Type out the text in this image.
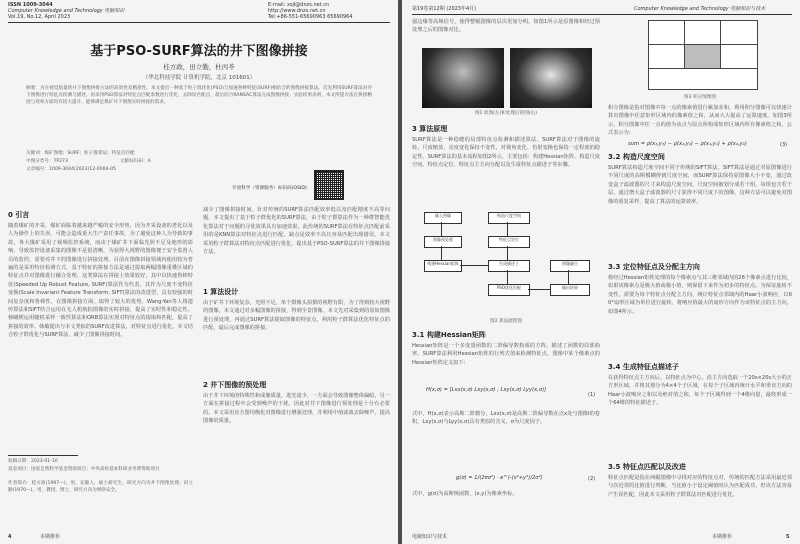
ISSN 1009-3044
Computer Knowledge and Technology 电脑知识
Vol.19, No.12, April 2023
E-mail: xsjl@dnzs.net.cn
http://www.dnzs.net.cn
Tel:+86-551-65690963 65690964
基于PSO-SURF算法的井下图像拼接
桂方政，田立勤，杜丙苓
（华北科技学院 计算机学院，北京 101601）
摘要：为在视觉质量的井下图像拼接方法的高效性及精准性，本文提出一种基于粒子群优化(PSO)与加速鲁棒特征(SURF)相结合的图像拼接算法。首先利用SURF算法对井下图像进行特征点检测与描述，再采用PSO算法对特征点匹配参数进行优化，去除误匹配点，最后结合RANSAC算法完成图像拼接。实验结果表明，本文所提方法在拼接精度与效率方面均有较大提升，能够满足煤矿井下图像实时拼接的需求。
关键词：煤矿图像；SURF；粒子群算法；特征点匹配
中图分类号：TP273	文献标识码：A
文章编号：1009-3044(2023)12-0004-05
开放科学（资源服务）标识码(OSID)：
0 引言
随着煤矿的开采，煤矿面临着越来越严峻的安全形势，因为开采设备的老化以及人为操作上的失误，可能会造成重大生产责任事故。为了避免这种人为导致的事故，各大煤矿采用了视频监控系统，而由于煤矿井下面临光照不足及地形的影响，导致监控设备采集的图像不是很清晰，为获得大视野的图像便于安全监督人员的监控，需要对井下的图像进行拼接处理。目前在图像拼接领域内使用较为普遍的是采用特征检测方式，基于特征的拼接方法是通过提取两幅图像重叠区域的特征点并对图像进行融合处理，这类算法在拼接上效果较好，其中以快速鲁棒特征(Speeded Up Robust Feature, SURF)算法作为代表，其作为尺度不变特征变换(Scale Invariant Feature Transform, SIFT)算法的改进型，具有较强的时间复杂度和鲁棒性，在图像拼接方面，取得了较大的优势。Wang-Yan等人将遗传算法和SIFT结合运用在无人机航拍图像的实时拼接，提高了实时性和稳定性。杨曦媛运用随机采样一致性算法和ORB算法实现对特征点的提取和匹配，提高了拼接的效率。韩敏提出与本文类似的SURF改进算法，对特征点进行优化。本文结合粒子群优化与SURF算法，减少了图像拼接时间。
减少了图像拼接时间。针对传统的SURF算法匹配效率低以及匹配精度不高等问题，本文提出了基于粒子群优化的SURF算法，由于粒子群算法作为一种群智能优化算法对于问题的寻优效果具有加速效果，此传统的SURF算法在特征点匹配前采用的是KNN算法对特征点进行匹配，缺点是效率不高且容易匹配出现错误。本文采用粒子群算法对特征点匹配进行优化，提出基于PSO-SURF算法的井下图像拼接方法。
1 算法设计
由于矿井下环境复杂，光照不足，单个摄像头拍摄的视野有限，为了得到较大视野的图像，本文通过对多幅图像的拼接，得到全景图像。本文先对采集到的原始图像进行预处理，再通过SURF算法提取图像的特征点，利用粒子群算法优化特征点的匹配，最后完成图像的拼接。
2 井下图像的预处理
由于井下环境的特殊性和成像质量，进光量少，一方面会导致图像整体偏暗，另一方面在拼接过程中会受到噪声的干扰，因此对井下图像进行预处理是十分有必要的。本文采用直方图均衡化对图像进行增强处理，并利用中值滤波去除噪声，提高图像的质量。
收稿日期：2023-01-10
基金项目：国家自然科学基金资助项目；中央高校基本科研业务费资助项目
作者简介：桂方政(1997—)，男，安徽人，硕士研究生，研究方向为井下图像处理；田立勤(1970—)，男，教授，博士，研究方向为网络安全。
4	本期推荐
第19卷第12期 (2023年4月)	Computer Knowledge and Technology 电脑知识与技术
强边缘等高频信号，使得整幅图像的层次更加分明，如图1所示是原图像和经过预处理之后的图像对比。
图1 原图(左)和处理后的图(右)
3 算法原理
SURF算法是一种稳健的局部特征点检测和描述算法。SURF算法对于图像的旋转、尺度缩放、亮度变化保持不变性，对视角变化、仿射变换也保持一定程度的稳定性。SURF算法的基本流程如图2所示，主要包括：构建Hessian矩阵、构造尺度空间、特征点定位、特征点主方向分配以及生成特征点描述子等步骤。
输入图像
图像预处理
构建Hessian矩阵
构造尺度空间
特征点定位
生成描述子
PSO优化匹配
图像融合
输出结果
图2 算法流程图
3.1 构建Hessian矩阵
Hessian矩阵是一个多变量函数的二阶偏导数构成的方阵，描述了函数的局部曲率。SURF算法利用Hessian矩阵的行列式值来检测特征点，图像中某个像素点的Hessian矩阵定义如下：
H(x,σ) = [Lxx(x,σ) Lxy(x,σ) ; Lxy(x,σ) Lyy(x,σ)]
(1)
式中，H(x,σ)表示高斯二阶微分，Lxx(x,σ)是高斯二阶偏导数在点x处与图像I的卷积，Lxy(x,σ)与Lyy(x,σ)具有类似的含义，σ为尺度因子。
g(σ) = 1/(2πσ²) · e^(-(x²+y²)/2σ²)	(2)
式中，g(σ)为高斯核函数，(x,y)为像素坐标。
图3 积分图像图
积分图像是指对图像中每一点的像素值进行累加求和，利用积分图像可以快速计算出图像中任意矩形区域内的像素值之和，从而大大提高了运算速度。如图3所示，积分图像中任一点的值为该点与原点所构成矩形区域内所有像素值之和，公式表示为：
sum = ρ(x₃,y₃) − ρ(x₂,y₂) − ρ(x₁,y₁) + ρ(x₀,y₀)	(3)
3.2 构造尺度空间
SURF算法构造尺度空间不同于传统的SIFT算法，SIFT算法是通过对原图像进行不同尺度的高斯模糊得到尺度空间，而SURF算法保持原图像大小不变，通过改变盒子滤波器的尺寸来构造尺度空间。尺度空间被划分成若干组，每组包含若干层，通过增大盒子滤波器的尺寸获得不同尺度下的图像，这种方法可以避免对图像的重复采样，提高了算法的运算效率。
3.3 定位特征点及分配主方向
将经过Hessian矩阵处理的每个像素点与其三维邻域内的26个像素点进行比较，如果该像素点是极大值或极小值，则保留下来作为初步的特征点。为保证旋转不变性，需要为每个特征点分配主方向，统计特征点邻域内的Haar小波响应，以60°扇形区域为单位进行旋转，将响应值最大的扇形方向作为该特征点的主方向，如图4所示。
3.4 生成特征点描述子
在获得特征点主方向后，以特征点为中心，沿主方向选取一个20s×20s大小的正方形区域，并将其划分为4×4个子区域，在每个子区域内统计水平和垂直方向的Haar小波响应之和以及绝对值之和，每个子区域得到一个4维向量，最终形成一个64维的特征描述子。
3.5 特征点匹配以及改进
特征点匹配是指在两幅图像中寻找对应的特征点对，传统的匹配方法采用最近邻与次近邻的比值进行判断，当比值小于设定阈值时认为匹配成功，但该方法容易产生误匹配，因此本文采用粒子群算法对匹配进行优化。
电脑知识与技术	本期推荐	5
